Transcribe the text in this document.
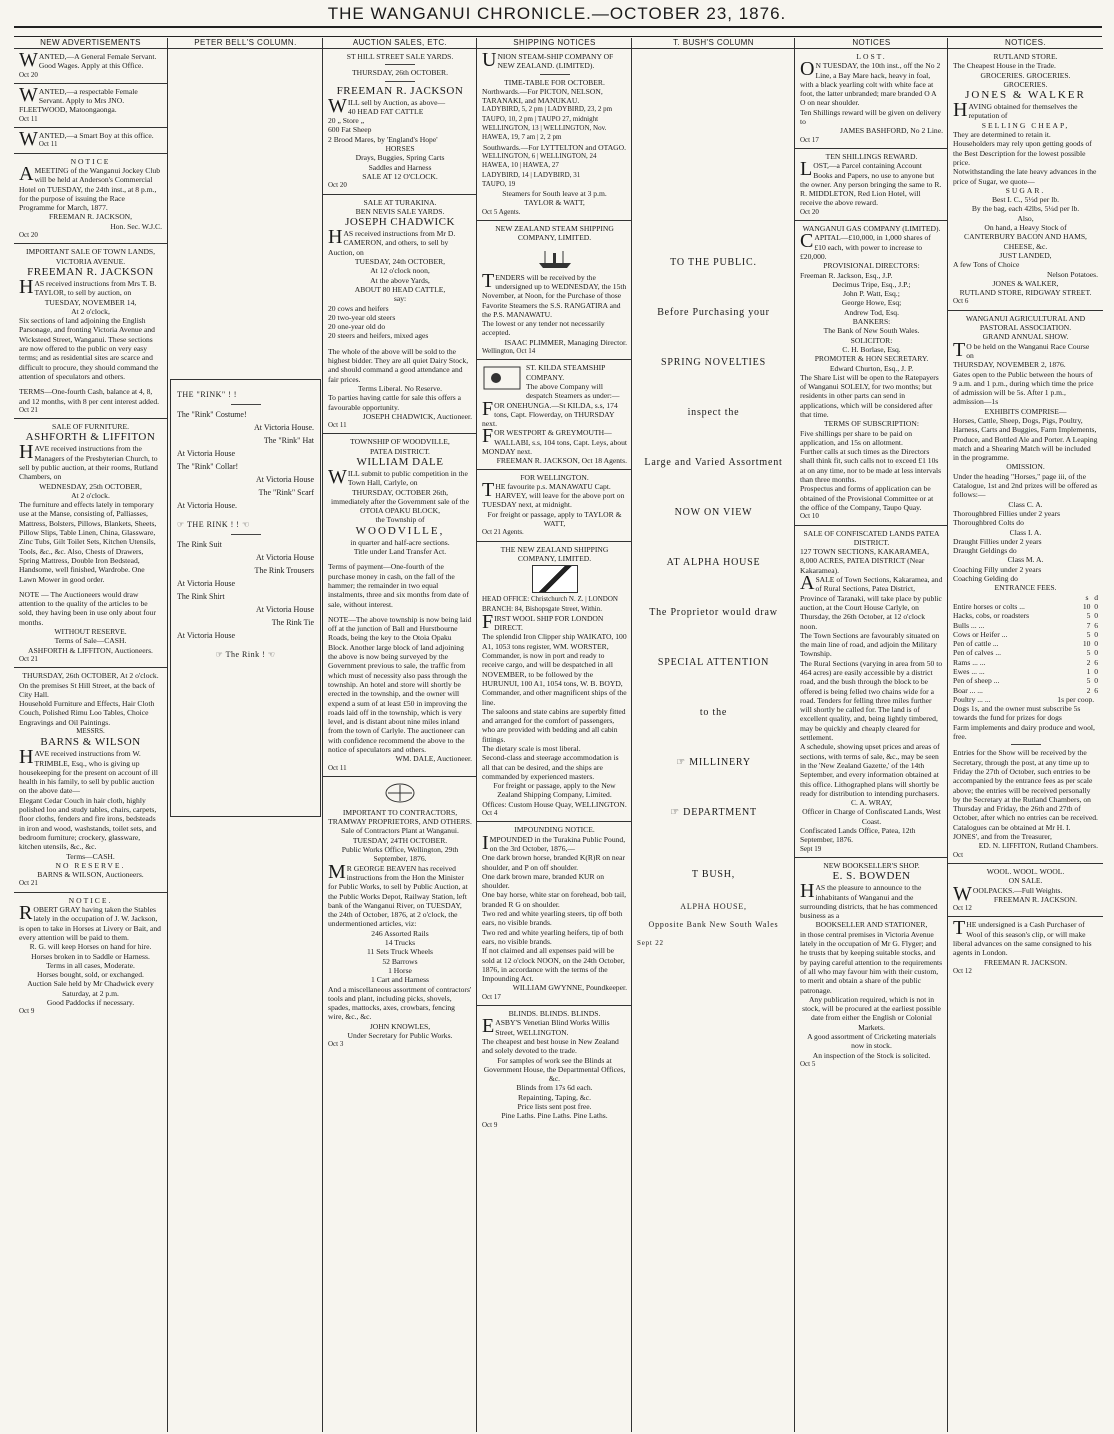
THE WANGANUI CHRONICLE.—OCTOBER 23, 1876.
NEW ADVERTISEMENTS

WANTED,—A General Female Servant. Good Wages. Apply at this Office.

Oct 20

WANTED,—a respectable Female Servant. Apply to Mrs JNO. FLEETWOOD, Matoongaonga.

Oct 11

WANTED,—a Smart Boy at this office.

Oct 11

NOTICE

AMEETING of the Wanganui Jockey Club will be held at Anderson's Commercial Hotel on TUESDAY, the 24th inst., at 8 p.m., for the purpose of issuing the Race Programme for March, 1877.

FREEMAN R. JACKSON,

Hon. Sec. W.J.C.

Oct 20

IMPORTANT SALE OF TOWN LANDS,

VICTORIA AVENUE.

FREEMAN R. JACKSON

HAS received instructions from Mrs T. B. TAYLOR, to sell by auction, on

TUESDAY, NOVEMBER 14,

At 2 o'clock,

Six sections of land adjoining the English Parsonage, and fronting Victoria Avenue and Wicksteed Street, Wanganui. These sections are now offered to the public on very easy terms; and as residential sites are scarce and difficult to procure, they should command the attention of speculators and others.

TERMS—One-fourth Cash, balance at 4, 8, and 12 months, with 8 per cent interest added.

Oct 21

SALE OF FURNITURE.

ASHFORTH & LIFFITON

HAVE received instructions from the Managers of the Presbyterian Church, to sell by public auction, at their rooms, Rutland Chambers, on

WEDNESDAY, 25th OCTOBER,

At 2 o'clock.

The furniture and effects lately in temporary use at the Manse, consisting of, Palliasses, Mattress, Bolsters, Pillows, Blankets, Sheets, Pillow Slips, Table Linen, China, Glassware, Zinc Tubs, Gilt Toilet Sets, Kitchen Utensils, Tools, &c., &c. Also, Chests of Drawers, Spring Mattress, Double Iron Bedstead, Handsome, well finished, Wardrobe. One Lawn Mower in good order.

NOTE — The Auctioneers would draw attention to the quality of the articles to be sold, they having been in use only about four months.

WITHOUT RESERVE.

Terms of Sale—CASH.

ASHFORTH & LIFFITON, Auctioneers.

Oct 21

THURSDAY, 26th OCTOBER, At 2 o'clock.

On the premises St Hill Street, at the back of City Hall.

Household Furniture and Effects, Hair Cloth Couch, Polished Rimu Loo Tables, Choice Engravings and Oil Paintings.

MESSRS.

BARNS & WILSON

HAVE received instructions from W. TRIMBLE, Esq., who is giving up housekeeping for the present on account of ill health in his family, to sell by public auction on the above date—

Elegant Cedar Couch in hair cloth, highly polished loo and study tables, chairs, carpets, floor cloths, fenders and fire irons, bedsteads in iron and wood, washstands, toilet sets, and bedroom furniture; crockery, glassware, kitchen utensils, &c., &c.

Terms—CASH.

NO RESERVE.

BARNS & WILSON, Auctioneers.

Oct 21

NOTICE.

ROBERT GRAY having taken the Stables lately in the occupation of J. W. Jackson, is open to take in Horses at Livery or Bait, and every attention will be paid to them.

R. G. will keep Horses on hand for hire.

Horses broken in to Saddle or Harness.

Terms in all cases, Moderate.

Horses bought, sold, or exchanged.

Auction Sale held by Mr Chadwick every Saturday, at 2 p.m.

Good Paddocks if necessary.

Oct 9

PETER BELL'S COLUMN.

THE "RINK" ! !

The "Rink" Costume!

At Victoria House.

The "Rink" Hat

At Victoria House

The "Rink" Collar!

At Victoria House

The "Rink" Scarf

At Victoria House.

☞ THE RINK ! ! ☜

The Rink Suit

At Victoria House

The Rink Trousers

At Victoria House

The Rink Shirt

At Victoria House

The Rink Tie

At Victoria House

☞ The Rink ! ☜

AUCTION SALES, ETC.

ST HILL STREET SALE YARDS.

THURSDAY, 26th OCTOBER.

FREEMAN R. JACKSON

WILL sell by Auction, as above—

40 HEAD FAT CATTLE

20 „ Store „

600 Fat Sheep

2 Brood Mares, by 'England's Hope'

HORSES

Drays, Buggies, Spring Carts

Saddles and Harness

SALE AT 12 O'CLOCK.

Oct 20

SALE AT TURAKINA.

BEN NEVIS SALE YARDS.

JOSEPH CHADWICK

HAS received instructions from Mr D. CAMERON, and others, to sell by Auction, on

TUESDAY, 24th OCTOBER,

At 12 o'clock noon,

At the above Yards,

ABOUT 80 HEAD CATTLE,

say:

20 cows and heifers

20 two-year old steers

20 one-year old do

20 steers and heifers, mixed ages

The whole of the above will be sold to the highest bidder. They are all quiet Dairy Stock, and should command a good attendance and fair prices.

Terms Liberal. No Reserve.

To parties having cattle for sale this offers a favourable opportunity.

JOSEPH CHADWICK, Auctioneer.

Oct 11

TOWNSHIP OF WOODVILLE,

PATEA DISTRICT.

WILLIAM DALE

WILL submit to public competition in the Town Hall, Carlyle, on

THURSDAY, OCTOBER 26th,

immediately after the Government sale of the

OTOIA OPAKU BLOCK,

the Township of

WOODVILLE,

in quarter and half-acre sections.

Title under Land Transfer Act.

Terms of payment—One-fourth of the purchase money in cash, on the fall of the hammer; the remainder in two equal instalments, three and six months from date of sale, without interest.

NOTE—The above township is now being laid off at the junction of Ball and Hurstbourne Roads, being the key to the Otoia Opaku Block. Another large block of land adjoining the above is now being surveyed by the Government previous to sale, the traffic from which must of necessity also pass through the township. An hotel and store will shortly be erected in the township, and the owner will expend a sum of at least £50 in improving the roads laid off in the township, which is very level, and is distant about nine miles inland from the town of Carlyle. The auctioneer can with confidence recommend the above to the notice of speculators and others.

WM. DALE, Auctioneer.

Oct 11

IMPORTANT TO CONTRACTORS, TRAMWAY PROPRIETORS, AND OTHERS.

Sale of Contractors Plant at Wanganui.

TUESDAY, 24TH OCTOBER.

Public Works Office, Wellington, 29th September, 1876.

MR GEORGE BEAVEN has received instructions from the Hon the Minister for Public Works, to sell by Public Auction, at the Public Works Depot, Railway Station, left bank of the Wanganui River, on TUESDAY, the 24th of October, 1876, at 2 o'clock, the undermentioned articles, viz:

246 Assorted Rails

14 Trucks

11 Sets Truck Wheels

52 Barrows

1 Horse

1 Cart and Harness

And a miscellaneous assortment of contractors' tools and plant, including picks, shovels, spades, mattocks, axes, crowbars, fencing wire, &c., &c.

JOHN KNOWLES,

Under Secretary for Public Works.

Oct 3

SHIPPING NOTICES

UNION STEAM-SHIP COMPANY OF NEW ZEALAND. (LIMITED).

TIME-TABLE FOR OCTOBER.

Northwards.—For PICTON, NELSON, TARANAKI, and MANUKAU.

LADYBIRD, 5, 2 pm | LADYBIRD, 23, 2 pm

TAUPO, 10, 2 pm | TAUPO 27, midnight

WELLINGTON, 13 | WELLINGTON, Nov.

HAWEA, 19, 7 am | 2, 2 pm

Southwards.—For LYTTELTON and OTAGO.

WELLINGTON, 6 | WELLINGTON, 24

HAWEA, 10 | HAWEA, 27

LADYBIRD, 14 | LADYBIRD, 31

TAUPO, 19

Steamers for South leave at 3 p.m.

TAYLOR & WATT,

Oct 5 Agents.

NEW ZEALAND STEAM SHIPPING COMPANY, LIMITED.

TENDERS will be received by the undersigned up to WEDNESDAY, the 15th November, at Noon, for the Purchase of those Favorite Steamers the S.S. RANGATIRA and the P.S. MANAWATU.

The lowest or any tender not necessarily accepted.

ISAAC PLIMMER, Managing Director.

Wellington, Oct 14

ST. KILDA STEAMSHIP COMPANY.

The above Company will despatch Steamers as under:—

FOR ONEHUNGA.—St KILDA, s.s, 174 tons, Capt. Flowerday, on THURSDAY next.

FOR WESTPORT & GREYMOUTH—WALLABI, s.s, 104 tons, Capt. Leys, about MONDAY next.

FREEMAN R. JACKSON, Oct 18 Agents.

FOR WELLINGTON.

THE favourite p.s. MANAWATU Capt. HARVEY, will leave for the above port on TUESDAY next, at midnight.

For freight or passage, apply to TAYLOR & WATT,

Oct 21 Agents.

THE NEW ZEALAND SHIPPING COMPANY, LIMITED.

HEAD OFFICE: Christchurch N. Z. | LONDON BRANCH: 84, Bishopsgate Street, Within.

FIRST WOOL SHIP FOR LONDON DIRECT.

The splendid Iron Clipper ship WAIKATO, 100 A1, 1053 tons register, WM. WORSTER, Commander, is now in port and ready to receive cargo, and will be despatched in all NOVEMBER, to be followed by the HURUNUI, 100 A1, 1054 tons, W. B. BOYD, Commander, and other magnificent ships of the line.

The saloons and state cabins are superbly fitted and arranged for the comfort of passengers, who are provided with bedding and all cabin fittings.

The dietary scale is most liberal.

Second-class and steerage accommodation is all that can be desired, and the ships are commanded by experienced masters.

For freight or passage, apply to the New Zealand Shipping Company, Limited.

Offices: Custom House Quay, WELLINGTON.

Oct 4

IMPOUNDING NOTICE.

IMPOUNDED in the Turakina Public Pound, on the 3rd October, 1876,—

One dark brown horse, branded K(R)R on near shoulder, and P on off shoulder.

One dark brown mare, branded KUR on shoulder.

One bay horse, white star on forehead, bob tail, branded R G on shoulder.

Two red and white yearling steers, tip off both ears, no visible brands.

Two red and white yearling heifers, tip of both ears, no visible brands.

If not claimed and all expenses paid will be sold at 12 o'clock NOON, on the 24th October, 1876, in accordance with the terms of the Impounding Act.

WILLIAM GWYNNE, Poundkeeper.

Oct 17

BLINDS. BLINDS. BLINDS.

EASBY'S Venetian Blind Works Willis Street, WELLINGTON.

The cheapest and best house in New Zealand and solely devoted to the trade.

For samples of work see the Blinds at Government House, the Departmental Offices, &c.

Blinds from 17s 6d each.

Repainting, Taping, &c.

Price lists sent post free.

Pine Laths. Pine Laths. Pine Laths.

Oct 9

T. BUSH'S COLUMN

TO THE PUBLIC.

Before Purchasing your

SPRING NOVELTIES

inspect the

Large and Varied Assortment

NOW ON VIEW

AT ALPHA HOUSE

The Proprietor would draw

SPECIAL ATTENTION

to the

☞ MILLINERY

☞ DEPARTMENT

T BUSH,

ALPHA HOUSE,

Opposite Bank New South Wales

Sept 22

NOTICES

LOST.

ON TUESDAY, the 10th inst., off the No 2 Line, a Bay Mare hack, heavy in foal, with a black yearling colt with white face at foot, the latter unbranded; mare branded O A O on near shoulder.

Ten Shillings reward will be given on delivery to

JAMES BASHFORD, No 2 Line.

Oct 17

TEN SHILLINGS REWARD.

LOST,—a Parcel containing Account Books and Papers, no use to anyone but the owner. Any person bringing the same to R. R. MIDDLETON, Red Lion Hotel, will receive the above reward.

Oct 20

WANGANUI GAS COMPANY (LIMITED).

CAPITAL—£10,000, in 1,000 shares of £10 each, with power to increase to £20,000.

PROVISIONAL DIRECTORS:

Freeman R. Jackson, Esq., J.P.

Decimus Tripe, Esq., J.P.;

John P. Watt, Esq.;

George Howe, Esq;

Andrew Tod, Esq.

BANKERS:

The Bank of New South Wales.

SOLICITOR:

C. H. Borlase, Esq.

PROMOTER & HON SECRETARY.

Edward Churton, Esq., J. P.

The Share List will be open to the Ratepayers of Wanganui SOLELY, for two months; but residents in other parts can send in applications, which will be considered after that time.

TERMS OF SUBSCRIPTION:

Five shillings per share to be paid on application, and 15s on allotment.

Further calls at such times as the Directors shall think fit, such calls not to exceed £1 10s at on any time, nor to be made at less intervals than three months.

Prospectus and forms of application can be obtained of the Provisional Committee or at the office of the Company, Taupo Quay.

Oct 10

SALE OF CONFISCATED LANDS PATEA DISTRICT.

127 TOWN SECTIONS, KAKARAMEA, 8,000 ACRES, PATEA DISTRICT (Near Kakaramea).

ASALE of Town Sections, Kakaramea, and of Rural Sections, Patea District, Province of Taranaki, will take place by public auction, at the Court House Carlyle, on Thursday, the 26th October, at 12 o'clock noon.

The Town Sections are favourably situated on the main line of road, and adjoin the Military Township.

The Rural Sections (varying in area from 50 to 464 acres) are easily accessible by a district road, and the bush through the block to be offered is being felled two chains wide for a road. Tenders for felling three miles further will shortly be called for. The land is of excellent quality, and, being lightly timbered, may be quickly and cheaply cleared for settlement.

A schedule, showing upset prices and areas of sections, with terms of sale, &c., may be seen in the 'New Zealand Gazette,' of the 14th September, and every information obtained at this office. Lithographed plans will shortly be ready for distribution to intending purchasers.

C. A. WRAY,

Officer in Charge of Confiscated Lands, West Coast.

Confiscated Lands Office, Patea, 12th September, 1876.

Sept 19

NEW BOOKSELLER'S SHOP.

E. S. BOWDEN

HAS the pleasure to announce to the inhabitants of Wanganui and the surrounding districts, that he has commenced business as a

BOOKSELLER AND STATIONER,

in those central premises in Victoria Avenue lately in the occupation of Mr G. Flyger; and he trusts that by keeping suitable stocks, and by paying careful attention to the requirements of all who may favour him with their custom, to merit and obtain a share of the public patronage.

Any publication required, which is not in stock, will be procured at the earliest possible date from either the English or Colonial Markets.

A good assortment of Cricketing materials now in stock.

An inspection of the Stock is solicited.

Oct 5

NOTICES.

RUTLAND STORE.

The Cheapest House in the Trade.

GROCERIES. GROCERIES.

GROCERIES.

JONES & WALKER

HAVING obtained for themselves the reputation of

SELLING CHEAP,

They are determined to retain it.

Householders may rely upon getting goods of the Best Description for the lowest possible price.

Notwithstanding the late heavy advances in the price of Sugar, we quote—

SUGAR.

Best I. C., 5½d per lb.

By the bag, each 42lbs, 5¼d per lb.

Also,

On hand, a Heavy Stock of

CANTERBURY BACON AND HAMS,

CHEESE, &c.

JUST LANDED,

A few Tons of Choice

Nelson Potatoes.

JONES & WALKER,

RUTLAND STORE, RIDGWAY STREET.

Oct 6

WANGANUI AGRICULTURAL AND PASTORAL ASSOCIATION.

GRAND ANNUAL SHOW.

TO be held on the Wanganui Race Course on

THURSDAY, NOVEMBER 2, 1876.

Gates open to the Public between the hours of 9 a.m. and 1 p.m., during which time the price of admission will be 5s. After 1 p.m., admission—1s

EXHIBITS COMPRISE—

Horses, Cattle, Sheep, Dogs, Pigs, Poultry, Harness, Carts and Buggies, Farm Implements, Produce, and Bottled Ale and Porter. A Leaping match and a Shearing Match will be included in the programme.

OMISSION.

Under the heading "Horses," page iii, of the Catalogue, 1st and 2nd prizes will be offered as follows:—

Class C. A.

Thoroughbred Fillies under 2 years

Thoroughbred Colts do

Class I. A.

Draught Fillies under 2 years

Draught Geldings do

Class M. A.

Coaching Filly under 2 years

Coaching Gelding do

ENTRANCE FEES.

s d
Entire horses or colts ...	10 0
Hacks, cobs, or roadsters	5 0
Bulls ... ...	7 6
Cows or Heifer ...	5 0
Pen of cattle ...	10 0
Pen of calves ...	5 0
Rams ... ...	2 6
Ewes ... ...	1 0
Pen of sheep ...	5 0
Boar ... ...	2 6
Poultry ... ...	1s per coop.

Dogs 1s, and the owner must subscribe 5s towards the fund for prizes for dogs

Farm implements and dairy produce and wool, free.

Entries for the Show will be received by the Secretary, through the post, at any time up to Friday the 27th of October, such entries to be accompanied by the entrance fees as per scale above; the entries will be received personally by the Secretary at the Rutland Chambers, on Thursday and Friday, the 26th and 27th of October, after which no entries can be received.

Catalogues can be obtained at Mr H. I. JONES', and from the Treasurer,

ED. N. LIFFITON, Rutland Chambers.

Oct

WOOL. WOOL. WOOL.

ON SALE.

WOOLPACKS.—Full Weights.

FREEMAN R. JACKSON.

Oct 12

THE undersigned is a Cash Purchaser of Wool of this season's clip, or will make liberal advances on the same consigned to his agents in London.

FREEMAN R. JACKSON.

Oct 12
